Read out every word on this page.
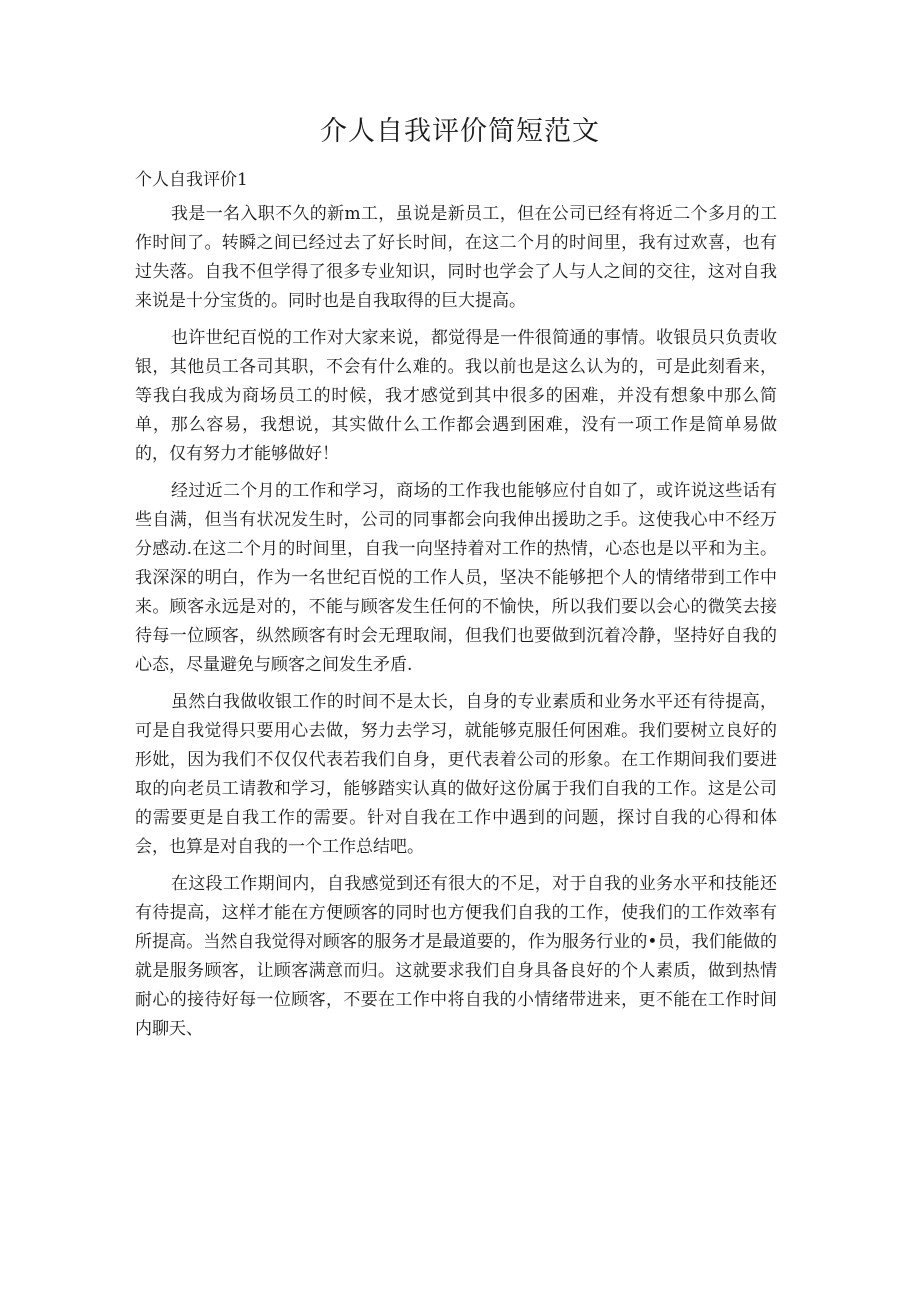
介人自我评价简短范文

个人自我评价1

我是一名入职不久的新m工，虽说是新员工，但在公司已经有将近二个多月的工作时间了。转瞬之间已经过去了好长时间，在这二个月的时间里，我有过欢喜，也有过失落。自我不但学得了很多专业知识，同时也学会了人与人之间的交往，这对自我来说是十分宝货的。同时也是自我取得的巨大提高。

也许世纪百悦的工作对大家来说，都觉得是一件很简通的事情。收银员只负责收银，其他员工各司其职，不会有什么难的。我以前也是这么认为的，可是此刻看来，等我白我成为商场员工的时候，我才感觉到其中很多的困难，并没有想象中那么简单，那么容易，我想说，其实做什么工作都会遇到困难，没有一项工作是简单易做的，仅有努力才能够做好！

经过近二个月的工作和学习，商场的工作我也能够应付自如了，或许说这些话有些自满，但当有状况发生时，公司的同事都会向我伸出援助之手。这使我心中不经万分感动.在这二个月的时间里，自我一向坚持着对工作的热情，心态也是以平和为主。我深深的明白，作为一名世纪百悦的工作人员，坚决不能够把个人的情绪带到工作中来。顾客永远是对的，不能与顾客发生任何的不愉快，所以我们要以会心的微笑去接待每一位顾客，纵然顾客有时会无理取闹，但我们也要做到沉着冷静，坚持好自我的心态，尽量避免与顾客之间发生矛盾.

虽然白我做收银工作的时间不是太长，自身的专业素质和业务水平还有待提高，可是自我觉得只要用心去做，努力去学习，就能够克服任何困难。我们要树立良好的形妣，因为我们不仅仅代表若我们自身，更代表着公司的形象。在工作期间我们要进取的向老员工请教和学习，能够踏实认真的做好这份属于我们自我的工作。这是公司的需要更是自我工作的需要。针对自我在工作中遇到的问题，探讨自我的心得和体会，也算是对自我的一个工作总结吧。

在这段工作期间内，自我感觉到还有很大的不足，对于自我的业务水平和技能还有待提高，这样才能在方便顾客的同时也方便我们自我的工作，使我们的工作效率有所提高。当然自我觉得对顾客的服务才是最道要的，作为服务行业的•员，我们能做的就是服务顾客，让顾客满意而归。这就要求我们自身具备良好的个人素质，做到热情耐心的接待好每一位顾客，不要在工作中将自我的小情绪带进来，更不能在工作时间内聊天、
